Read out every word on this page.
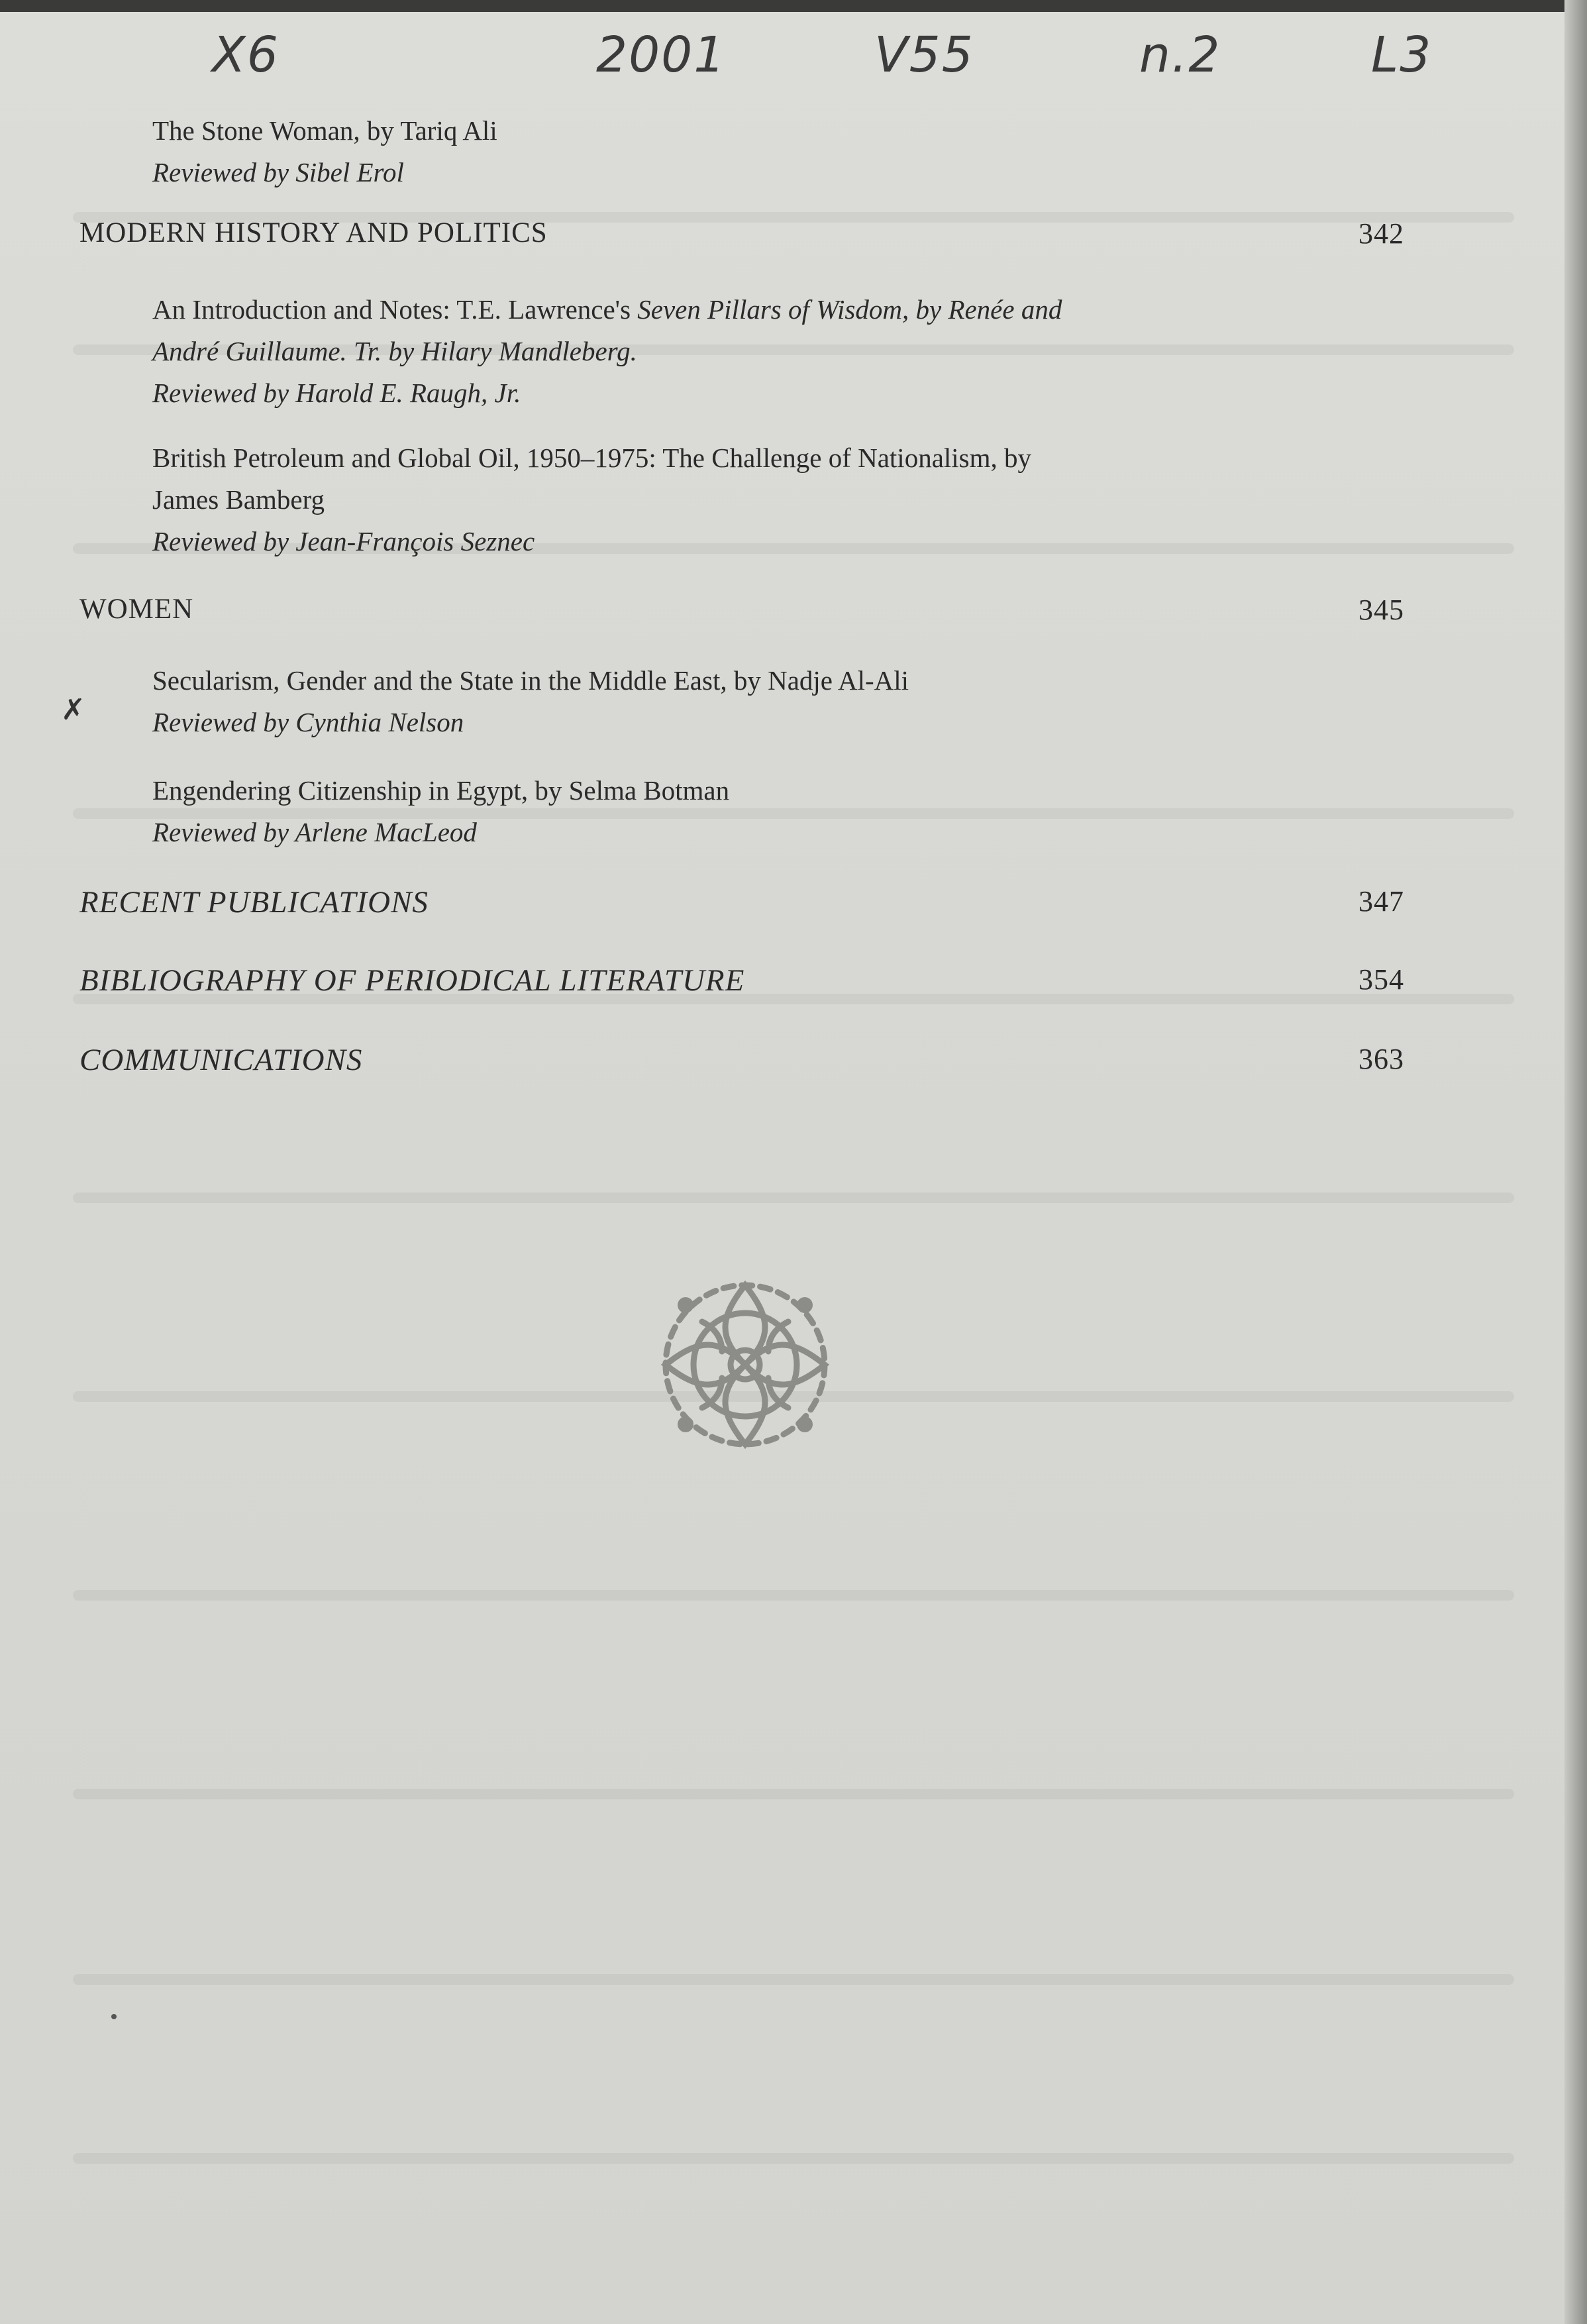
X6	2001	V55	n.2	L3
The Stone Woman, by Tariq Ali
Reviewed by Sibel Erol
MODERN HISTORY AND POLITICS	342
An Introduction and Notes: T.E. Lawrence's Seven Pillars of Wisdom, by Renée and
André Guillaume. Tr. by Hilary Mandleberg.
Reviewed by Harold E. Raugh, Jr.
British Petroleum and Global Oil, 1950–1975: The Challenge of Nationalism, by
James Bamberg
Reviewed by Jean-François Seznec
WOMEN	345
✗
Secularism, Gender and the State in the Middle East, by Nadje Al-Ali
Reviewed by Cynthia Nelson
Engendering Citizenship in Egypt, by Selma Botman
Reviewed by Arlene MacLeod
RECENT PUBLICATIONS	347
BIBLIOGRAPHY OF PERIODICAL LITERATURE	354
COMMUNICATIONS	363
